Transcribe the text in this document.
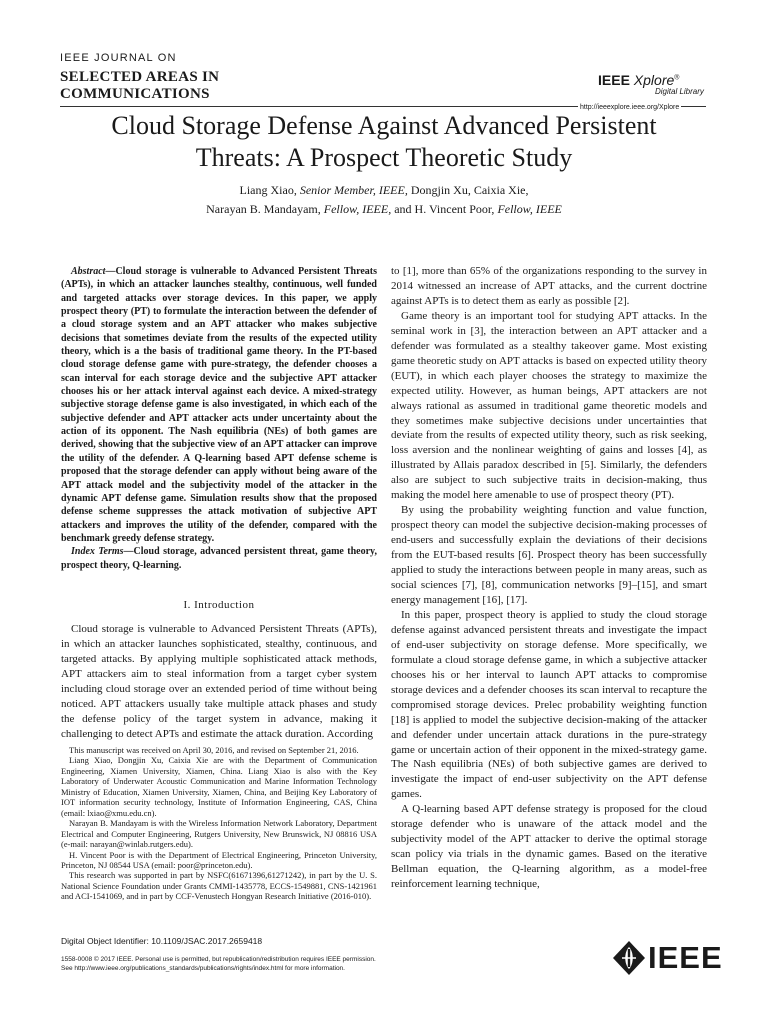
IEEE JOURNAL ON
SELECTED AREAS IN
COMMUNICATIONS
IEEE Xplore®
Digital Library
http://ieeexplore.ieee.org/Xplore
Cloud Storage Defense Against Advanced Persistent
Threats: A Prospect Theoretic Study
Liang Xiao, Senior Member, IEEE, Dongjin Xu, Caixia Xie,
Narayan B. Mandayam, Fellow, IEEE, and H. Vincent Poor, Fellow, IEEE

Abstract—Cloud storage is vulnerable to Advanced Persistent Threats (APTs), in which an attacker launches stealthy, continuous, well funded and targeted attacks over storage devices. In this paper, we apply prospect theory (PT) to formulate the interaction between the defender of a cloud storage system and an APT attacker who makes subjective decisions that sometimes deviate from the results of the expected utility theory, which is a the basis of traditional game theory. In the PT-based cloud storage defense game with pure-strategy, the defender chooses a scan interval for each storage device and the subjective APT attacker chooses his or her attack interval against each device. A mixed-strategy subjective storage defense game is also investigated, in which each of the subjective defender and APT attacker acts under uncertainty about the action of its opponent. The Nash equilibria (NEs) of both games are derived, showing that the subjective view of an APT attacker can improve the utility of the defender. A Q-learning based APT defense scheme is proposed that the storage defender can apply without being aware of the APT attack model and the subjectivity model of the attacker in the dynamic APT defense game. Simulation results show that the proposed defense scheme suppresses the attack motivation of subjective APT attackers and improves the utility of the defender, compared with the benchmark greedy defense strategy.

Index Terms—Cloud storage, advanced persistent threat, game theory, prospect theory, Q-learning.

I. Introduction

Cloud storage is vulnerable to Advanced Persistent Threats (APTs), in which an attacker launches sophisticated, stealthy, continuous, and targeted attacks. By applying multiple sophisticated attack methods, APT attackers aim to steal information from a target cyber system including cloud storage over an extended period of time without being noticed. APT attackers usually take multiple attack phases and study the defense policy of the target system in advance, making it challenging to detect APTs and estimate the attack duration. According

This manuscript was received on April 30, 2016, and revised on September 21, 2016.

Liang Xiao, Dongjin Xu, Caixia Xie are with the Department of Communication Engineering, Xiamen University, Xiamen, China. Liang Xiao is also with the Key Laboratory of Underwater Acoustic Communication and Marine Information Technology Ministry of Education, Xiamen University, Xiamen, China, and Beijing Key Laboratory of IOT information security technology, Institute of Information Engineering, CAS, China (email: lxiao@xmu.edu.cn).

Narayan B. Mandayam is with the Wireless Information Network Laboratory, Department Electrical and Computer Engineering, Rutgers University, New Brunswick, NJ 08816 USA (e-mail: narayan@winlab.rutgers.edu).

H. Vincent Poor is with the Department of Electrical Engineering, Princeton University, Princeton, NJ 08544 USA (email: poor@princeton.edu).

This research was supported in part by NSFC(61671396,61271242), in part by the U. S. National Science Foundation under Grants CMMI-1435778, ECCS-1549881, CNS-1421961 and ACI-1541069, and in part by CCF-Venustech Hongyan Research Initiative (2016-010).

to [1], more than 65% of the organizations responding to the survey in 2014 witnessed an increase of APT attacks, and the current doctrine against APTs is to detect them as early as possible [2].

Game theory is an important tool for studying APT attacks. In the seminal work in [3], the interaction between an APT attacker and a defender was formulated as a stealthy takeover game. Most existing game theoretic study on APT attacks is based on expected utility theory (EUT), in which each player chooses the strategy to maximize the expected utility. However, as human beings, APT attackers are not always rational as assumed in traditional game theoretic models and they sometimes make subjective decisions under uncertainties that deviate from the results of expected utility theory, such as risk seeking, loss aversion and the nonlinear weighting of gains and losses [4], as illustrated by Allais paradox described in [5]. Similarly, the defenders also are subject to such subjective traits in decision-making, thus making the model here amenable to use of prospect theory (PT).

By using the probability weighting function and value function, prospect theory can model the subjective decision-making processes of end-users and successfully explain the deviations of their decisions from the EUT-based results [6]. Prospect theory has been successfully applied to study the interactions between people in many areas, such as social sciences [7], [8], communication networks [9]–[15], and smart energy management [16], [17].

In this paper, prospect theory is applied to study the cloud storage defense against advanced persistent threats and investigate the impact of end-user subjectivity on storage defense. More specifically, we formulate a cloud storage defense game, in which a subjective attacker chooses his or her interval to launch APT attacks to compromise storage devices and a defender chooses its scan interval to recapture the compromised storage devices. Prelec probability weighting function [18] is applied to model the subjective decision-making of the attacker and defender under uncertain attack durations in the pure-strategy game or uncertain action of their opponent in the mixed-strategy game. The Nash equilibria (NEs) of both subjective games are derived to investigate the impact of end-user subjectivity on the APT defense games.

A Q-learning based APT defense strategy is proposed for the cloud storage defender who is unaware of the attack model and the subjectivity model of the APT attacker to derive the optimal storage scan policy via trials in the dynamic games. Based on the iterative Bellman equation, the Q-learning algorithm, as a model-free reinforcement learning technique,

Digital Object Identifier: 10.1109/JSAC.2017.2659418
1558-0008 © 2017 IEEE. Personal use is permitted, but republication/redistribution requires IEEE permission.
See http://www.ieee.org/publications_standards/publications/rights/index.html for more information.	IEEE
